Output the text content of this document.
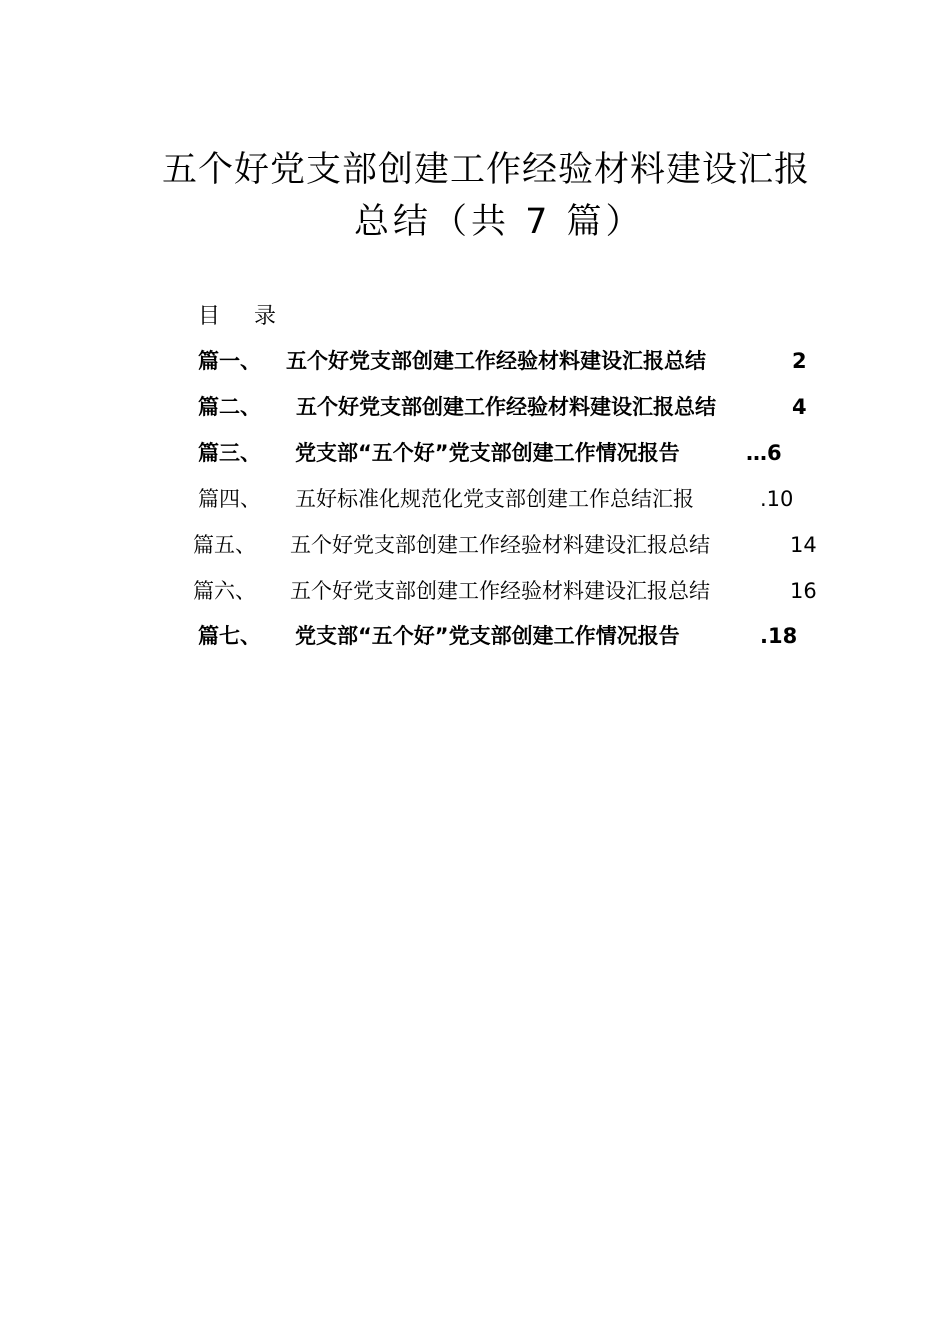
五个好党支部创建工作经验材料建设汇报
总结（共 7 篇）
目 录
篇一、 五个好党支部创建工作经验材料建设汇报总结	2
篇二、 五个好党支部创建工作经验材料建设汇报总结	4
篇三、 党支部“五个好”党支部创建工作情况报告	…6
篇四、 五好标准化规范化党支部创建工作总结汇报	.10
篇五、 五个好党支部创建工作经验材料建设汇报总结	14
篇六、 五个好党支部创建工作经验材料建设汇报总结	16
篇七、 党支部“五个好”党支部创建工作情况报告	.18
